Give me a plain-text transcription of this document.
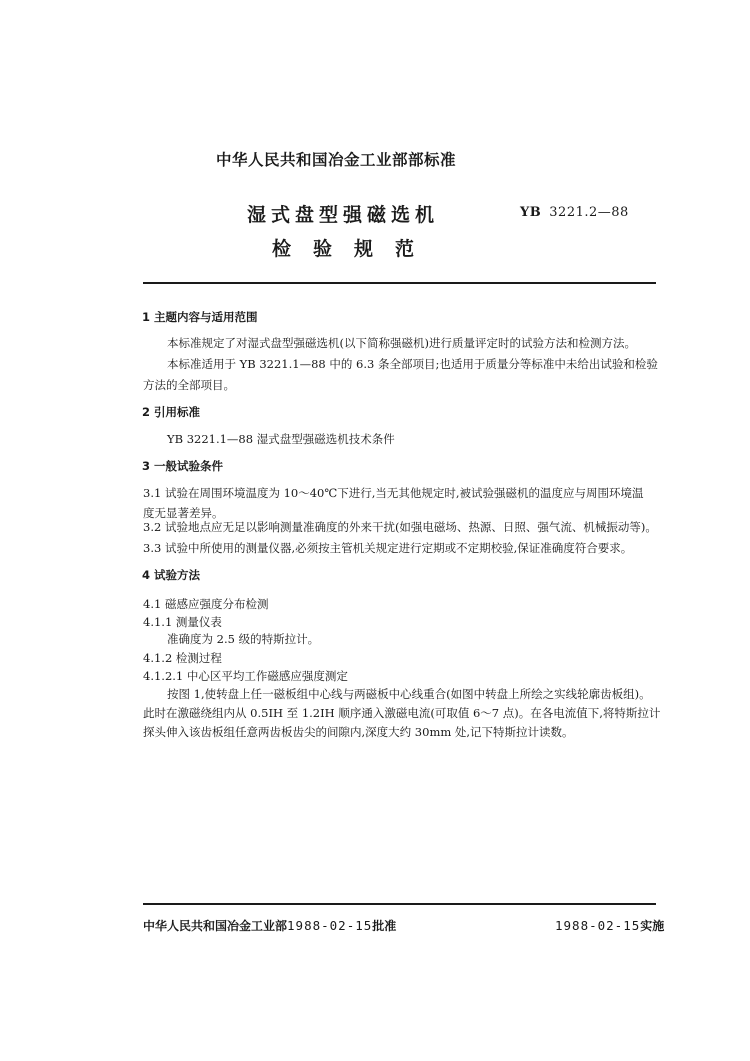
中华人民共和国冶金工业部部标准
湿式盘型强磁选机
检验规范
YB 3221.2—88
1 主题内容与适用范围
本标准规定了对湿式盘型强磁选机(以下简称强磁机)进行质量评定时的试验方法和检测方法。
本标准适用于 YB 3221.1—88 中的 6.3 条全部项目;也适用于质量分等标准中未给出试验和检验
方法的全部项目。
2 引用标准
YB 3221.1—88 湿式盘型强磁选机技术条件
3 一般试验条件
3.1 试验在周围环境温度为 10～40℃下进行,当无其他规定时,被试验强磁机的温度应与周围环境温
度无显著差异。
3.2 试验地点应无足以影响测量准确度的外来干扰(如强电磁场、热源、日照、强气流、机械振动等)。
3.3 试验中所使用的测量仪器,必须按主管机关规定进行定期或不定期校验,保证准确度符合要求。
4 试验方法
4.1 磁感应强度分布检测
4.1.1 测量仪表
准确度为 2.5 级的特斯拉计。
4.1.2 检测过程
4.1.2.1 中心区平均工作磁感应强度测定
按图 1,使转盘上任一磁板组中心线与两磁板中心线重合(如图中转盘上所绘之实线轮廓齿板组)。
此时在激磁绕组内从 0.5IH 至 1.2IH 顺序通入激磁电流(可取值 6～7 点)。在各电流值下,将特斯拉计
探头伸入该齿板组任意两齿板齿尖的间隙内,深度大约 30mm 处,记下特斯拉计读数。
中华人民共和国冶金工业部1988-02-15批准	1988-02-15实施
